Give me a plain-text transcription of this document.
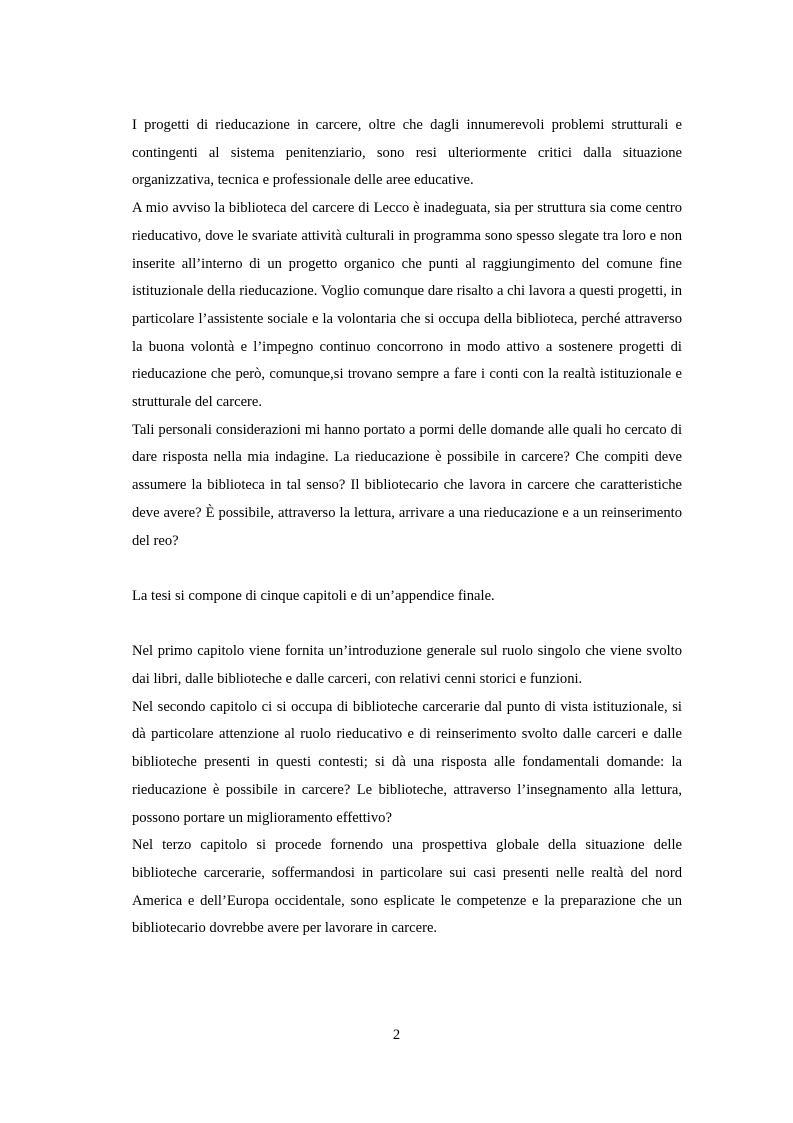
I progetti di rieducazione in carcere, oltre che dagli innumerevoli problemi strutturali e contingenti al sistema penitenziario, sono resi ulteriormente critici dalla situazione organizzativa, tecnica e professionale delle aree educative.

A mio avviso la biblioteca del carcere di Lecco è inadeguata, sia per struttura sia come centro rieducativo, dove le svariate attività culturali in programma sono spesso slegate tra loro e non inserite all’interno di un progetto organico che punti al raggiungimento del comune fine istituzionale della rieducazione. Voglio comunque dare risalto a chi lavora a questi progetti, in particolare l’assistente sociale e la volontaria che si occupa della biblioteca, perché attraverso la buona volontà e l’impegno continuo concorrono in modo attivo a sostenere progetti di rieducazione che però, comunque,si trovano sempre a fare i conti con la realtà istituzionale e strutturale del carcere.

Tali personali considerazioni mi hanno portato a pormi delle domande alle quali ho cercato di dare risposta nella mia indagine. La rieducazione è possibile in carcere? Che compiti deve assumere la biblioteca in tal senso? Il bibliotecario che lavora in carcere che caratteristiche deve avere? È possibile, attraverso la lettura, arrivare a una rieducazione e a un reinserimento del reo?

La tesi si compone di cinque capitoli e di un’appendice finale.

Nel primo capitolo viene fornita un’introduzione generale sul ruolo singolo che viene svolto dai libri, dalle biblioteche e dalle carceri, con relativi cenni storici e funzioni.

Nel secondo capitolo ci si occupa di biblioteche carcerarie dal punto di vista istituzionale, si dà particolare attenzione al ruolo rieducativo e di reinserimento svolto dalle carceri e dalle biblioteche presenti in questi contesti; si dà una risposta alle fondamentali domande: la rieducazione è possibile in carcere? Le biblioteche, attraverso l’insegnamento alla lettura, possono portare un miglioramento effettivo?

Nel terzo capitolo si procede fornendo una prospettiva globale della situazione delle biblioteche carcerarie, soffermandosi in particolare sui casi presenti nelle realtà del nord America e dell’Europa occidentale, sono esplicate le competenze e la preparazione che un bibliotecario dovrebbe avere per lavorare in carcere.

2
